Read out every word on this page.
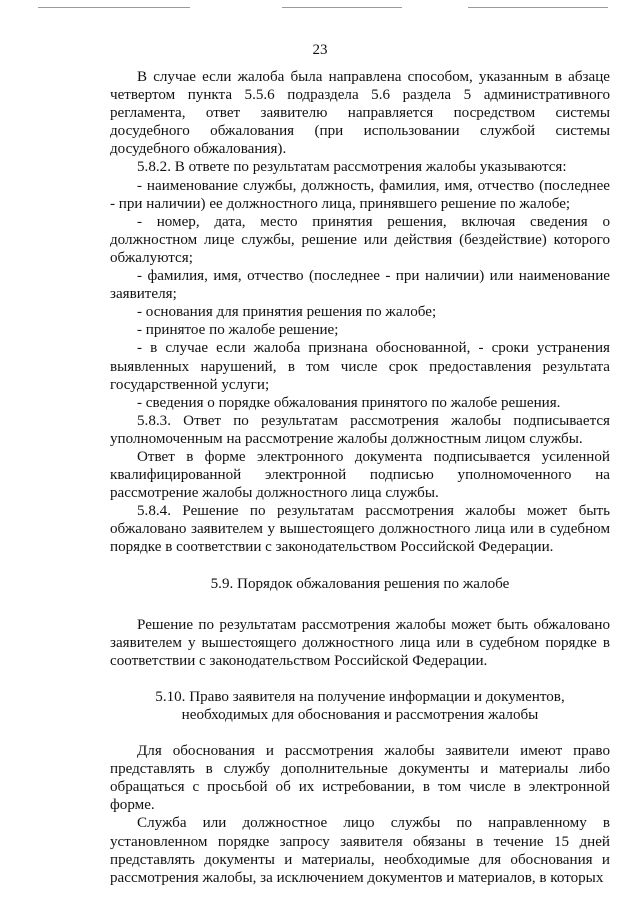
23

В случае если жалоба была направлена способом, указанным в абзаце четвертом пункта 5.5.6 подраздела 5.6 раздела 5 административного регламента, ответ заявителю направляется посредством системы досудебного обжалования (при использовании службой системы досудебного обжалования).

5.8.2. В ответе по результатам рассмотрения жалобы указываются:

- наименование службы, должность, фамилия, имя, отчество (последнее - при наличии) ее должностного лица, принявшего решение по жалобе;

- номер, дата, место принятия решения, включая сведения о должностном лице службы, решение или действия (бездействие) которого обжалуются;

- фамилия, имя, отчество (последнее - при наличии) или наименование заявителя;

- основания для принятия решения по жалобе;

- принятое по жалобе решение;

- в случае если жалоба признана обоснованной, - сроки устранения выявленных нарушений, в том числе срок предоставления результата государственной услуги;

- сведения о порядке обжалования принятого по жалобе решения.

5.8.3. Ответ по результатам рассмотрения жалобы подписывается уполномоченным на рассмотрение жалобы должностным лицом службы.

Ответ в форме электронного документа подписывается усиленной квалифицированной электронной подписью уполномоченного на рассмотрение жалобы должностного лица службы.

5.8.4. Решение по результатам рассмотрения жалобы может быть обжаловано заявителем у вышестоящего должностного лица или в судебном порядке в соответствии с законодательством Российской Федерации.

5.9. Порядок обжалования решения по жалобе

Решение по результатам рассмотрения жалобы может быть обжаловано заявителем у вышестоящего должностного лица или в судебном порядке в соответствии с законодательством Российской Федерации.

5.10. Право заявителя на получение информации и документов,
необходимых для обоснования и рассмотрения жалобы

Для обоснования и рассмотрения жалобы заявители имеют право представлять в службу дополнительные документы и материалы либо обращаться с просьбой об их истребовании, в том числе в электронной форме.

Служба или должностное лицо службы по направленному в установленном порядке запросу заявителя обязаны в течение 15 дней представлять документы и материалы, необходимые для обоснования и рассмотрения жалобы, за исключением документов и материалов, в которых
